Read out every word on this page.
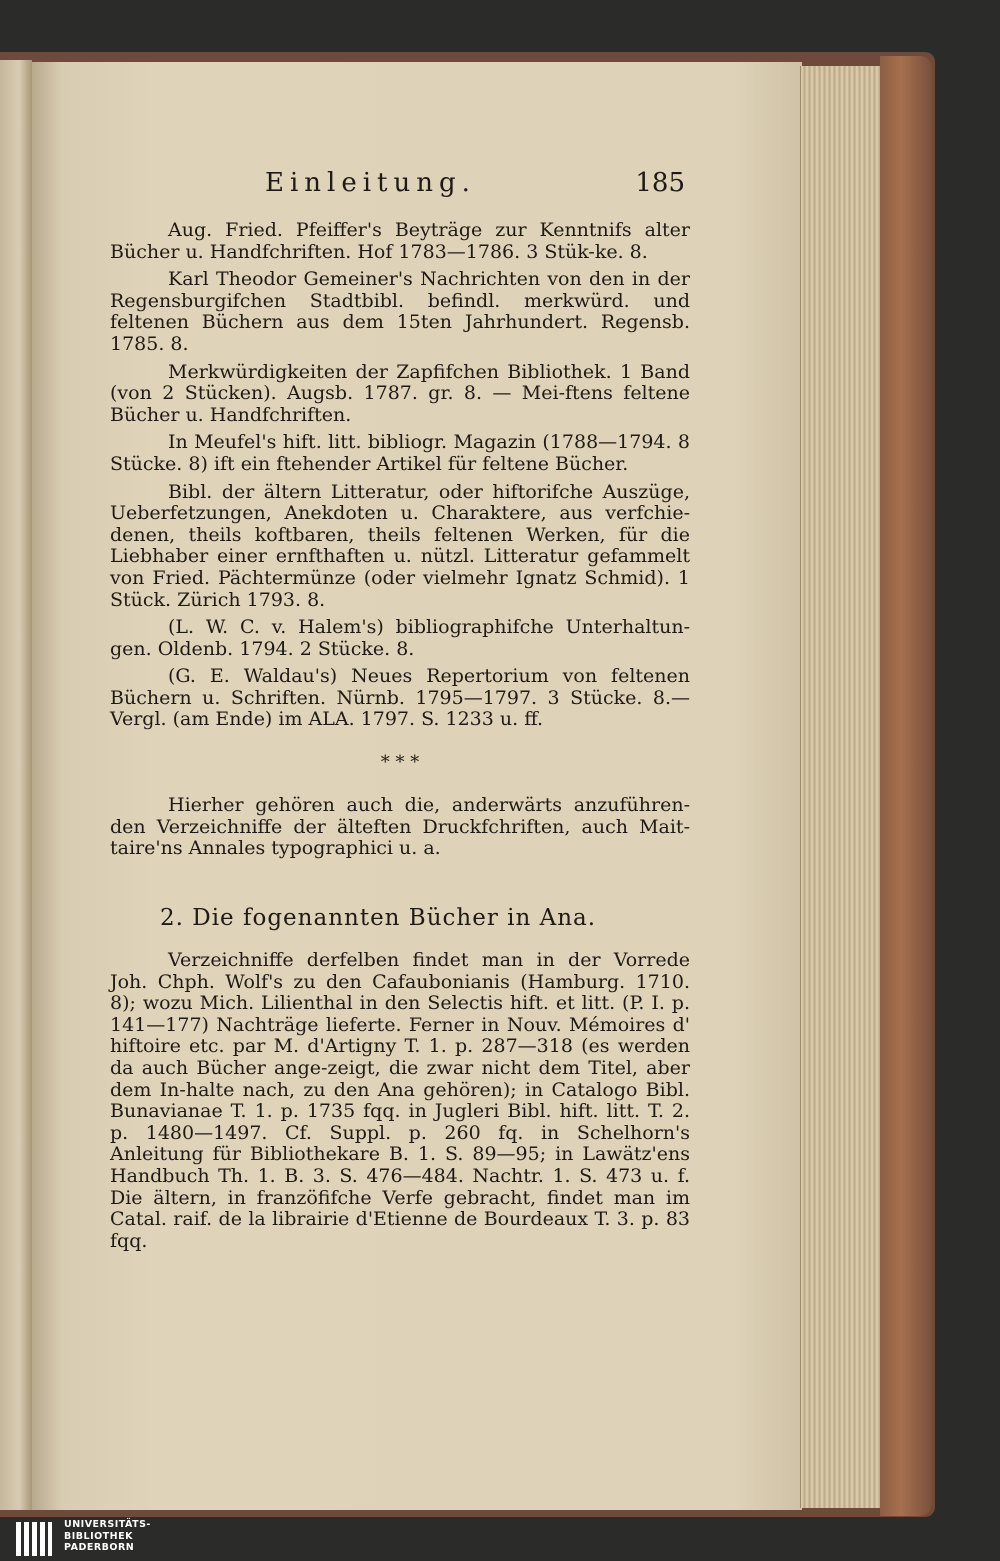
Einleitung.	185

Aug. Fried. Pfeiffer's Beyträge zur Kenntnifs alter Bücher u. Handfchriften. Hof 1783—1786. 3 Stük-ke. 8.

Karl Theodor Gemeiner's Nachrichten von den in der Regensburgifchen Stadtbibl. befindl. merkwürd. und feltenen Büchern aus dem 15ten Jahrhundert. Regensb. 1785. 8.

Merkwürdigkeiten der Zapfifchen Bibliothek. 1 Band (von 2 Stücken). Augsb. 1787. gr. 8. — Mei-ftens feltene Bücher u. Handfchriften.

In Meufel's hift. litt. bibliogr. Magazin (1788—1794. 8 Stücke. 8) ift ein ftehender Artikel für feltene Bücher.

Bibl. der ältern Litteratur, oder hiftorifche Auszüge, Ueberfetzungen, Anekdoten u. Charaktere, aus verfchie-denen, theils koftbaren, theils feltenen Werken, für die Liebhaber einer ernfthaften u. nützl. Litteratur gefammelt von Fried. Pächtermünze (oder vielmehr Ignatz Schmid). 1 Stück. Zürich 1793. 8.

(L. W. C. v. Halem's) bibliographifche Unterhaltun-gen. Oldenb. 1794. 2 Stücke. 8.

(G. E. Waldau's) Neues Repertorium von feltenen Büchern u. Schriften. Nürnb. 1795—1797. 3 Stücke. 8.— Vergl. (am Ende) im ALA. 1797. S. 1233 u. ff.

* * *

Hierher gehören auch die, anderwärts anzuführen-den Verzeichniffe der älteften Druckfchriften, auch Mait-taire'ns Annales typographici u. a.

2. Die fogenannten Bücher in Ana.

Verzeichniffe derfelben findet man in der Vorrede Joh. Chph. Wolf's zu den Cafaubonianis (Hamburg. 1710. 8); wozu Mich. Lilienthal in den Selectis hift. et litt. (P. I. p. 141—177) Nachträge lieferte. Ferner in Nouv. Mémoires d' hiftoire etc. par M. d'Artigny T. 1. p. 287—318 (es werden da auch Bücher ange-zeigt, die zwar nicht dem Titel, aber dem In-halte nach, zu den Ana gehören); in Catalogo Bibl. Bunavianae T. 1. p. 1735 fqq. in Jugleri Bibl. hift. litt. T. 2. p. 1480—1497. Cf. Suppl. p. 260 fq. in Schelhorn's Anleitung für Bibliothekare B. 1. S. 89—95; in Lawätz'ens Handbuch Th. 1. B. 3. S. 476—484. Nachtr. 1. S. 473 u. f. Die ältern, in franzöfifche Verfe gebracht, findet man im Catal. raif. de la librairie d'Etienne de Bourdeaux T. 3. p. 83 fqq.

UNIVERSITÄTS-
BIBLIOTHEK
PADERBORN
